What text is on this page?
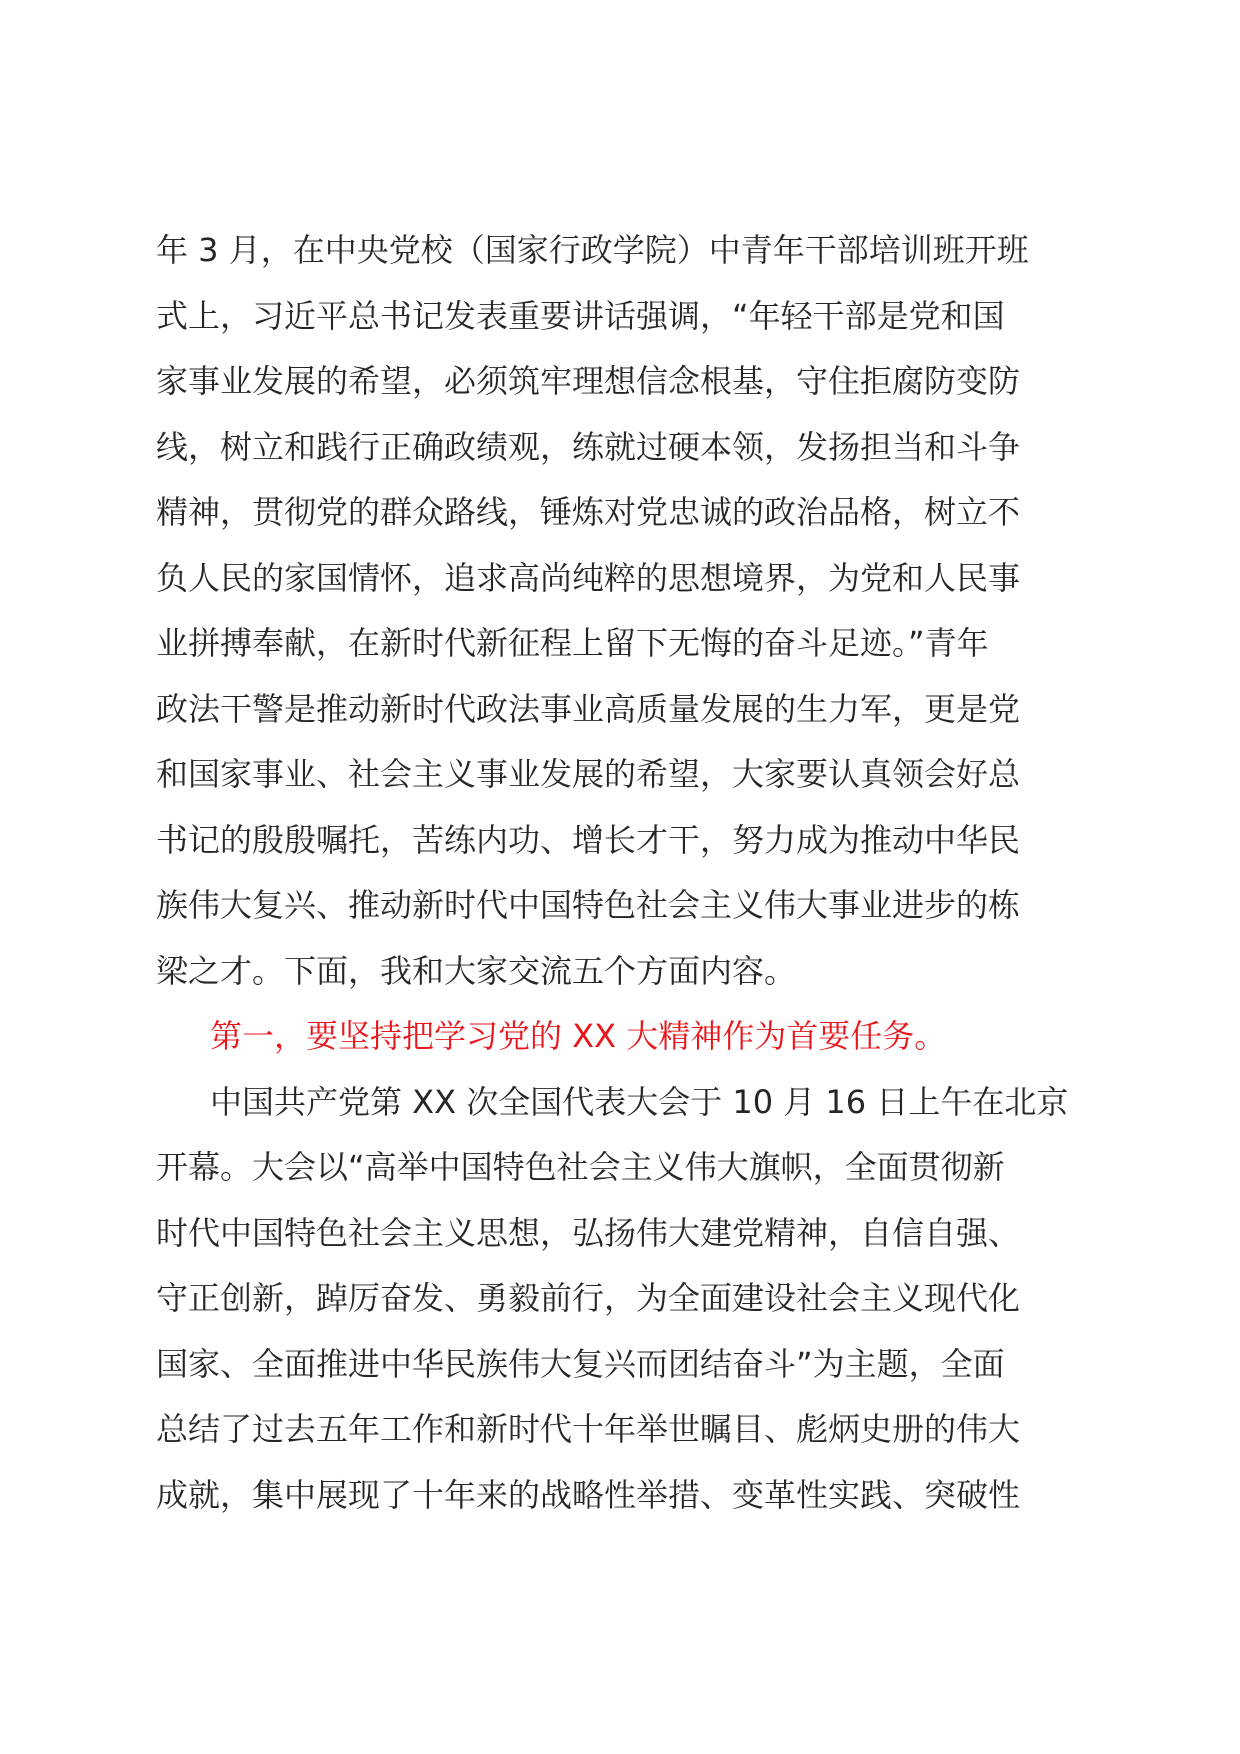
年 3 月，在中央党校（国家行政学院）中青年干部培训班开班
式上，习近平总书记发表重要讲话强调，“年轻干部是党和国
家事业发展的希望，必须筑牢理想信念根基，守住拒腐防变防
线，树立和践行正确政绩观，练就过硬本领，发扬担当和斗争
精神，贯彻党的群众路线，锤炼对党忠诚的政治品格，树立不
负人民的家国情怀，追求高尚纯粹的思想境界，为党和人民事
业拼搏奉献，在新时代新征程上留下无悔的奋斗足迹。”青年
政法干警是推动新时代政法事业高质量发展的生力军，更是党
和国家事业、社会主义事业发展的希望，大家要认真领会好总
书记的殷殷嘱托，苦练内功、增长才干，努力成为推动中华民
族伟大复兴、推动新时代中国特色社会主义伟大事业进步的栋
梁之才。下面，我和大家交流五个方面内容。
第一，要坚持把学习党的 XX 大精神作为首要任务。
中国共产党第 XX 次全国代表大会于 10 月 16 日上午在北京
开幕。大会以“高举中国特色社会主义伟大旗帜，全面贯彻新
时代中国特色社会主义思想，弘扬伟大建党精神，自信自强、
守正创新，踔厉奋发、勇毅前行，为全面建设社会主义现代化
国家、全面推进中华民族伟大复兴而团结奋斗”为主题，全面
总结了过去五年工作和新时代十年举世瞩目、彪炳史册的伟大
成就，集中展现了十年来的战略性举措、变革性实践、突破性
